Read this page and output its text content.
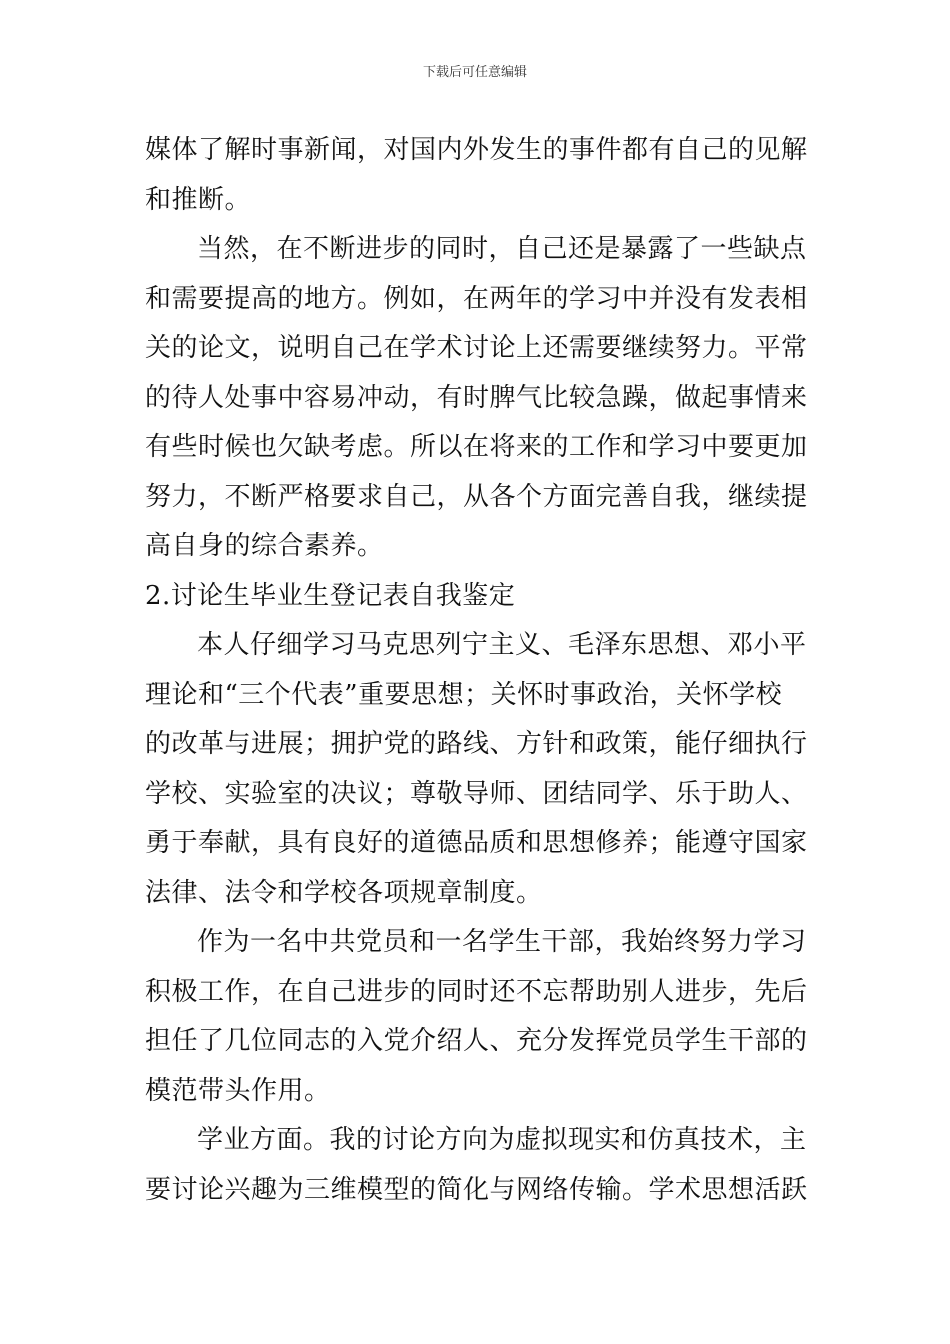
下载后可任意编辑
媒体了解时事新闻，对国内外发生的事件都有自己的见解
和推断。
当然，在不断进步的同时，自己还是暴露了一些缺点
和需要提高的地方。例如，在两年的学习中并没有发表相
关的论文，说明自己在学术讨论上还需要继续努力。平常
的待人处事中容易冲动，有时脾气比较急躁，做起事情来
有些时候也欠缺考虑。所以在将来的工作和学习中要更加
努力，不断严格要求自己，从各个方面完善自我，继续提
高自身的综合素养。
2.讨论生毕业生登记表自我鉴定
本人仔细学习马克思列宁主义、毛泽东思想、邓小平
理论和“三个代表”重要思想；关怀时事政治，关怀学校
的改革与进展；拥护党的路线、方针和政策，能仔细执行
学校、实验室的决议；尊敬导师、团结同学、乐于助人、
勇于奉献，具有良好的道德品质和思想修养；能遵守国家
法律、法令和学校各项规章制度。
作为一名中共党员和一名学生干部，我始终努力学习
积极工作，在自己进步的同时还不忘帮助别人进步，先后
担任了几位同志的入党介绍人、充分发挥党员学生干部的
模范带头作用。
学业方面。我的讨论方向为虚拟现实和仿真技术，主
要讨论兴趣为三维模型的简化与网络传输。学术思想活跃
